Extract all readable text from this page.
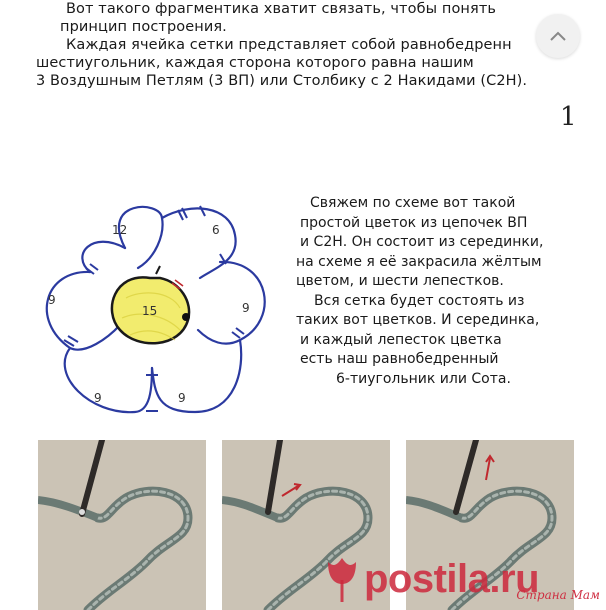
Вот такого фрагментика хватит связать, чтобы понять
принцип построения.
Каждая ячейка сетки представляет собой равнобедренн
шестиугольник, каждая сторона которого равна нашим
3 Воздушным Петлям (3 ВП) или Столбику с 2 Накидами (С2Н).
1
15
12	6
9
9
9	9
Свяжем по схеме вот такой
простой цветок из цепочек ВП
и С2Н. Он состоит из серединки,
на схеме я её закрасила жёлтым
цветом, и шести лепестков.
Вся сетка будет состоять из
таких вот цветков. И серединка,
и каждый лепесток цветка
есть наш равнобедренный
6-тиугольник или Сота.
postila.ru
Страна Мам
